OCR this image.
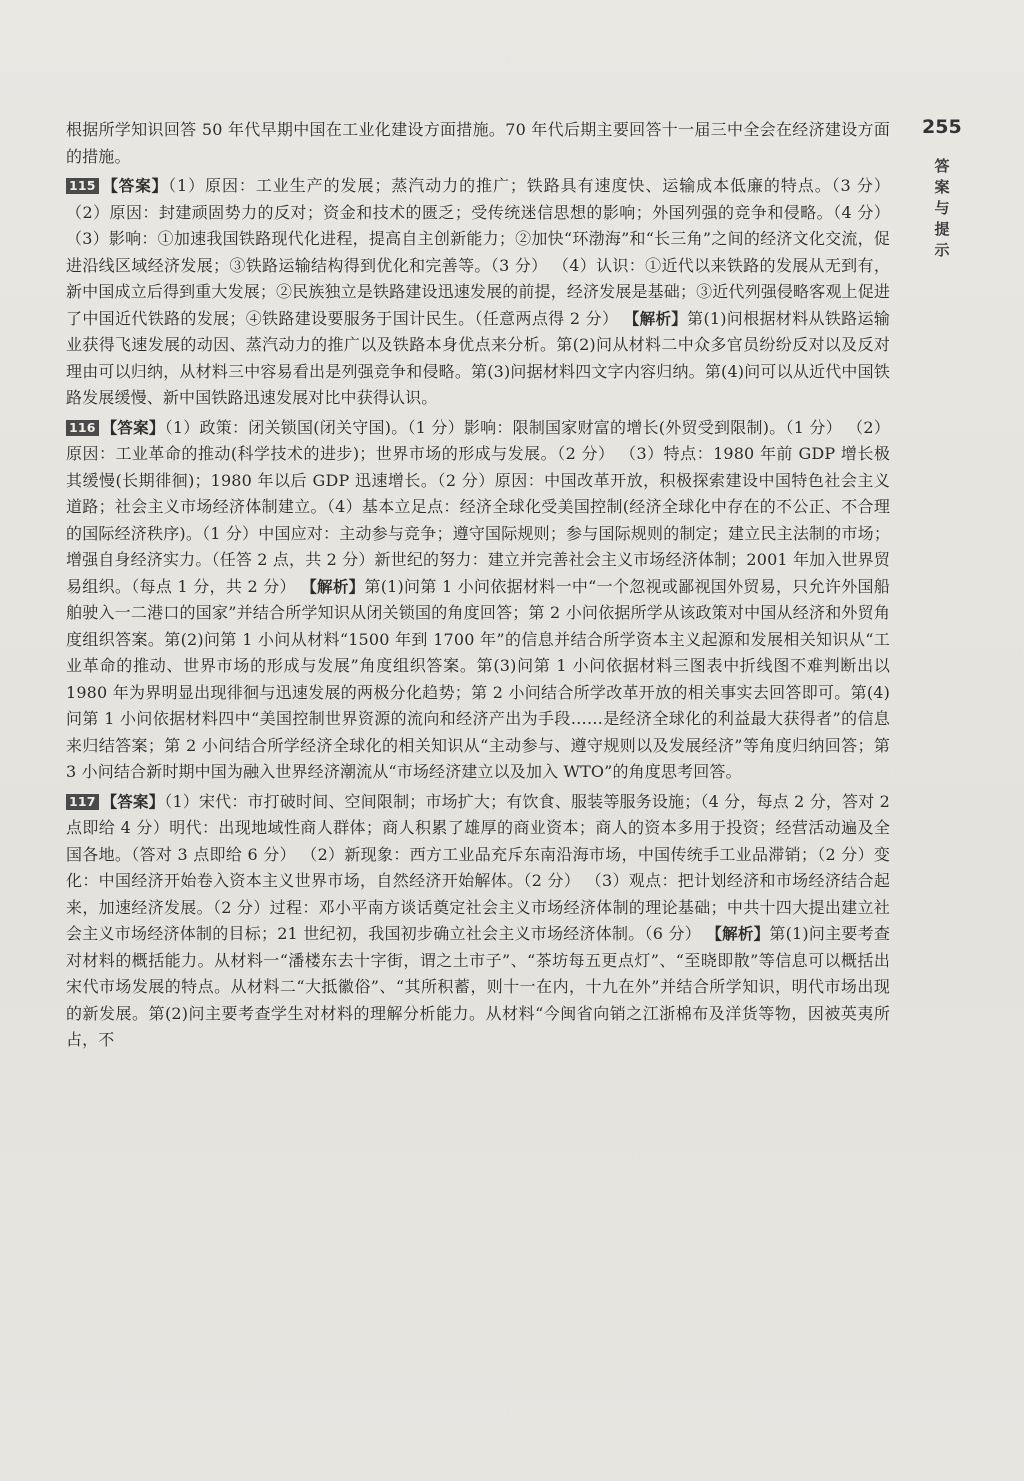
255
答案与提示

根据所学知识回答 50 年代早期中国在工业化建设方面措施。70 年代后期主要回答十一届三中全会在经济建设方面的措施。

115 【答案】（1）原因：工业生产的发展；蒸汽动力的推广；铁路具有速度快、运输成本低廉的特点。（3 分） （2）原因：封建顽固势力的反对；资金和技术的匮乏；受传统迷信思想的影响；外国列强的竞争和侵略。（4 分） （3）影响：①加速我国铁路现代化进程，提高自主创新能力；②加快“环渤海”和“长三角”之间的经济文化交流，促进沿线区域经济发展；③铁路运输结构得到优化和完善等。（3 分） （4）认识：①近代以来铁路的发展从无到有，新中国成立后得到重大发展；②民族独立是铁路建设迅速发展的前提，经济发展是基础；③近代列强侵略客观上促进了中国近代铁路的发展；④铁路建设要服务于国计民生。（任意两点得 2 分） 【解析】第(1)问根据材料从铁路运输业获得飞速发展的动因、蒸汽动力的推广以及铁路本身优点来分析。第(2)问从材料二中众多官员纷纷反对以及反对理由可以归纳，从材料三中容易看出是列强竞争和侵略。第(3)问据材料四文字内容归纳。第(4)问可以从近代中国铁路发展缓慢、新中国铁路迅速发展对比中获得认识。

116 【答案】（1）政策：闭关锁国(闭关守国)。（1 分）影响：限制国家财富的增长(外贸受到限制)。（1 分） （2）原因：工业革命的推动(科学技术的进步)；世界市场的形成与发展。（2 分） （3）特点：1980 年前 GDP 增长极其缓慢(长期徘徊)；1980 年以后 GDP 迅速增长。（2 分）原因：中国改革开放，积极探索建设中国特色社会主义道路；社会主义市场经济体制建立。（4）基本立足点：经济全球化受美国控制(经济全球化中存在的不公正、不合理的国际经济秩序)。（1 分）中国应对：主动参与竞争；遵守国际规则；参与国际规则的制定；建立民主法制的市场；增强自身经济实力。（任答 2 点，共 2 分）新世纪的努力：建立并完善社会主义市场经济体制；2001 年加入世界贸易组织。（每点 1 分，共 2 分） 【解析】第(1)问第 1 小问依据材料一中“一个忽视或鄙视国外贸易，只允许外国船舶驶入一二港口的国家”并结合所学知识从闭关锁国的角度回答；第 2 小问依据所学从该政策对中国从经济和外贸角度组织答案。第(2)问第 1 小问从材料“1500 年到 1700 年”的信息并结合所学资本主义起源和发展相关知识从“工业革命的推动、世界市场的形成与发展”角度组织答案。第(3)问第 1 小问依据材料三图表中折线图不难判断出以 1980 年为界明显出现徘徊与迅速发展的两极分化趋势；第 2 小问结合所学改革开放的相关事实去回答即可。第(4)问第 1 小问依据材料四中“美国控制世界资源的流向和经济产出为手段……是经济全球化的利益最大获得者”的信息来归结答案；第 2 小问结合所学经济全球化的相关知识从“主动参与、遵守规则以及发展经济”等角度归纳回答；第 3 小问结合新时期中国为融入世界经济潮流从“市场经济建立以及加入 WTO”的角度思考回答。

117 【答案】（1）宋代：市打破时间、空间限制；市场扩大；有饮食、服装等服务设施；（4 分，每点 2 分，答对 2 点即给 4 分）明代：出现地域性商人群体；商人积累了雄厚的商业资本；商人的资本多用于投资；经营活动遍及全国各地。（答对 3 点即给 6 分） （2）新现象：西方工业品充斥东南沿海市场，中国传统手工业品滞销；（2 分）变化：中国经济开始卷入资本主义世界市场，自然经济开始解体。（2 分） （3）观点：把计划经济和市场经济结合起来，加速经济发展。（2 分）过程：邓小平南方谈话奠定社会主义市场经济体制的理论基础；中共十四大提出建立社会主义市场经济体制的目标；21 世纪初，我国初步确立社会主义市场经济体制。（6 分） 【解析】第(1)问主要考查对材料的概括能力。从材料一“潘楼东去十字街，谓之土市子”、“茶坊每五更点灯”、“至晓即散”等信息可以概括出宋代市场发展的特点。从材料二“大抵徽俗”、“其所积蓄，则十一在内，十九在外”并结合所学知识，明代市场出现的新发展。第(2)问主要考查学生对材料的理解分析能力。从材料“今闽省向销之江浙棉布及洋货等物，因被英夷所占，不
